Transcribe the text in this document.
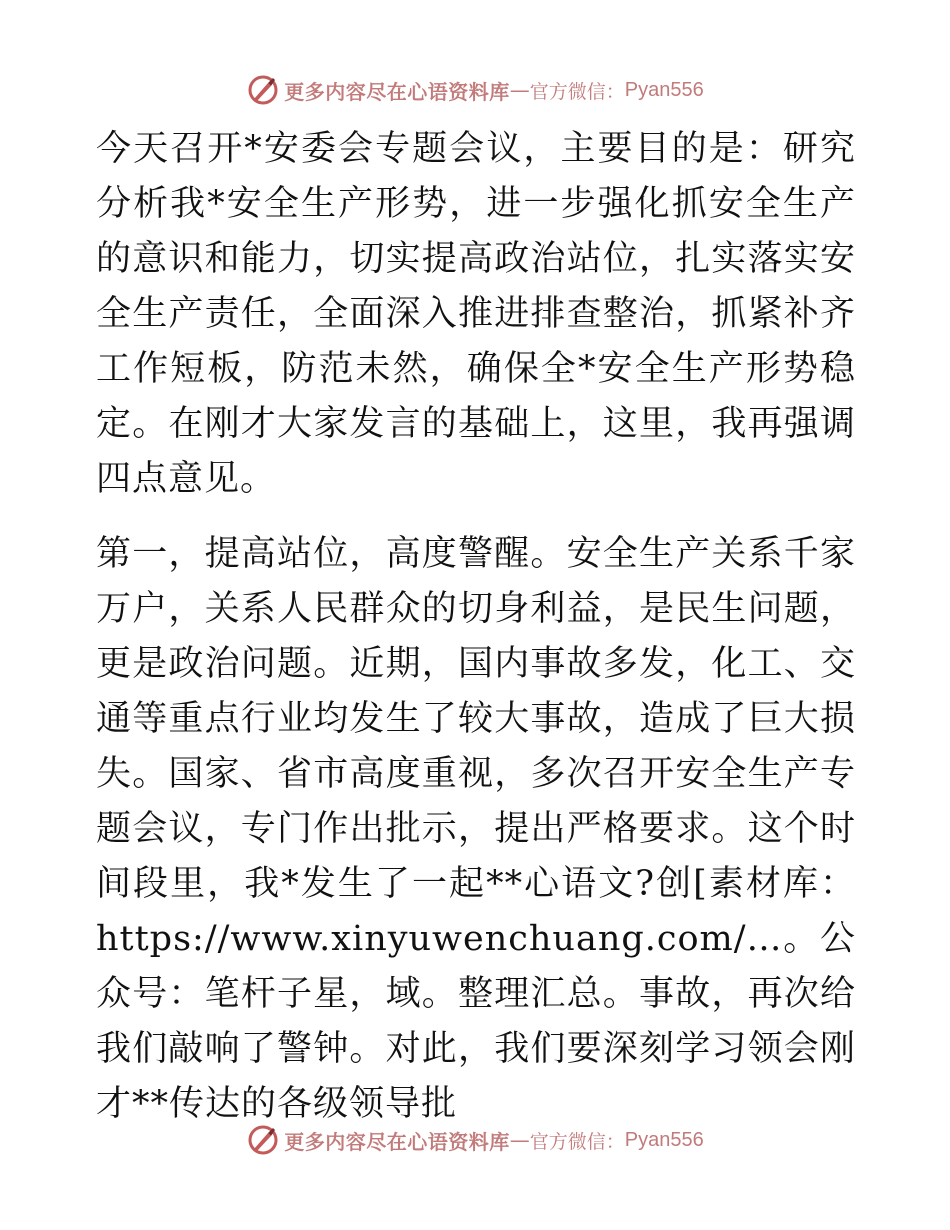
更多内容尽在心语资料库 — 官方微信： Pyan556

今天召开*安委会专题会议，主要目的是：研究分析我*安全生产形势，进一步强化抓安全生产的意识和能力，切实提高政治站位，扎实落实安全生产责任，全面深入推进排查整治，抓紧补齐工作短板，防范未然，确保全*安全生产形势稳定。在刚才大家发言的基础上，这里，我再强调四点意见。

第一，提高站位，高度警醒。安全生产关系千家万户，关系人民群众的切身利益，是民生问题，更是政治问题。近期，国内事故多发，化工、交通等重点行业均发生了较大事故，造成了巨大损失。国家、省市高度重视，多次召开安全生产专题会议，专门作出批示，提出严格要求。这个时间段里，我*发生了一起**心语文?创[素材库：https://www.xinyuwenchuang.com/…。公众号：笔杆子星，域。整理汇总。事故，再次给我们敲响了警钟。对此，我们要深刻学习领会刚才**传达的各级领导批

更多内容尽在心语资料库 — 官方微信： Pyan556
